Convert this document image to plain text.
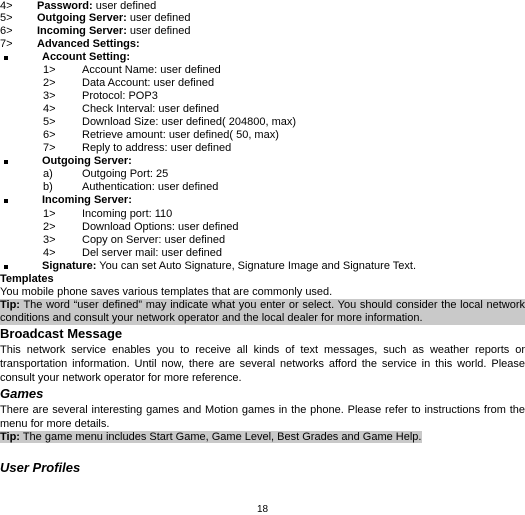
4> Password: user defined
5> Outgoing Server: user defined
6> Incoming Server: user defined
7> Advanced Settings:
Account Setting:
1> Account Name: user defined
2> Data Account: user defined
3> Protocol: POP3
4> Check Interval: user defined
5> Download Size: user defined( 204800, max)
6> Retrieve amount: user defined( 50, max)
7> Reply to address: user defined
Outgoing Server:
a)	Outgoing Port: 25
b)	Authentication: user defined
Incoming Server:
1> Incoming port: 110
2> Download Options: user defined
3> Copy on Server: user defined
4> Del server mail: user defined
Signature: You can set Auto Signature, Signature Image and Signature Text.
Templates
You mobile phone saves various templates that are commonly used.
Tip: The word “user defined” may indicate what you enter or select. You should consider the local network conditions and consult your network operator and the local dealer for more information.
Broadcast Message
This network service enables you to receive all kinds of text messages, such as weather reports or transportation information. Until now, there are several networks afford the service in this world. Please consult your network operator for more reference.
Games
There are several interesting games and Motion games in the phone. Please refer to instructions from the menu for more details.
Tip: The game menu includes Start Game, Game Level, Best Grades and Game Help.
User Profiles
18
